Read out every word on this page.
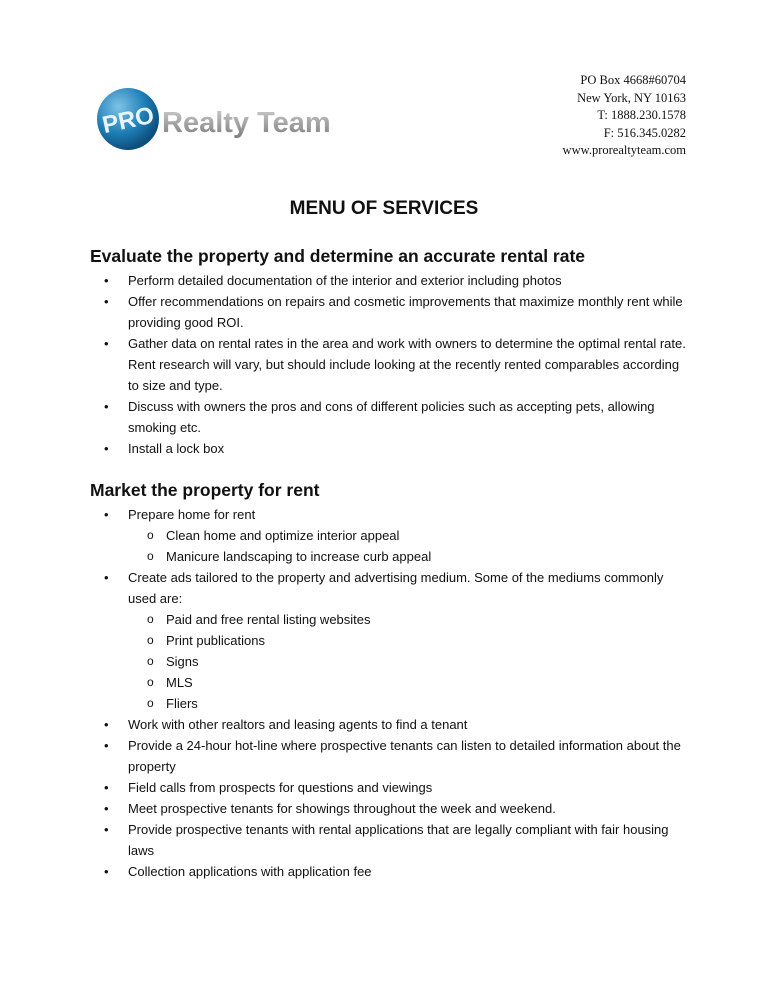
PRO Realty Team
PO Box 4668#60704
New York, NY 10163
T: 1888.230.1578
F: 516.345.0282
www.prorealtyteam.com
MENU OF SERVICES
Evaluate the property and determine an accurate rental rate
• Perform detailed documentation of the interior and exterior including photos
• Offer recommendations on repairs and cosmetic improvements that maximize monthly rent while providing good ROI.
• Gather data on rental rates in the area and work with owners to determine the optimal rental rate. Rent research will vary, but should include looking at the recently rented comparables according to size and type.
• Discuss with owners the pros and cons of different policies such as accepting pets, allowing smoking etc.
• Install a lock box
Market the property for rent
• Prepare home for rent
o Clean home and optimize interior appeal
o Manicure landscaping to increase curb appeal
• Create ads tailored to the property and advertising medium. Some of the mediums commonly used are:
o Paid and free rental listing websites
o Print publications
o Signs
o MLS
o Fliers
• Work with other realtors and leasing agents to find a tenant
• Provide a 24-hour hot-line where prospective tenants can listen to detailed information about the property
• Field calls from prospects for questions and viewings
• Meet prospective tenants for showings throughout the week and weekend.
• Provide prospective tenants with rental applications that are legally compliant with fair housing laws
• Collection applications with application fee
